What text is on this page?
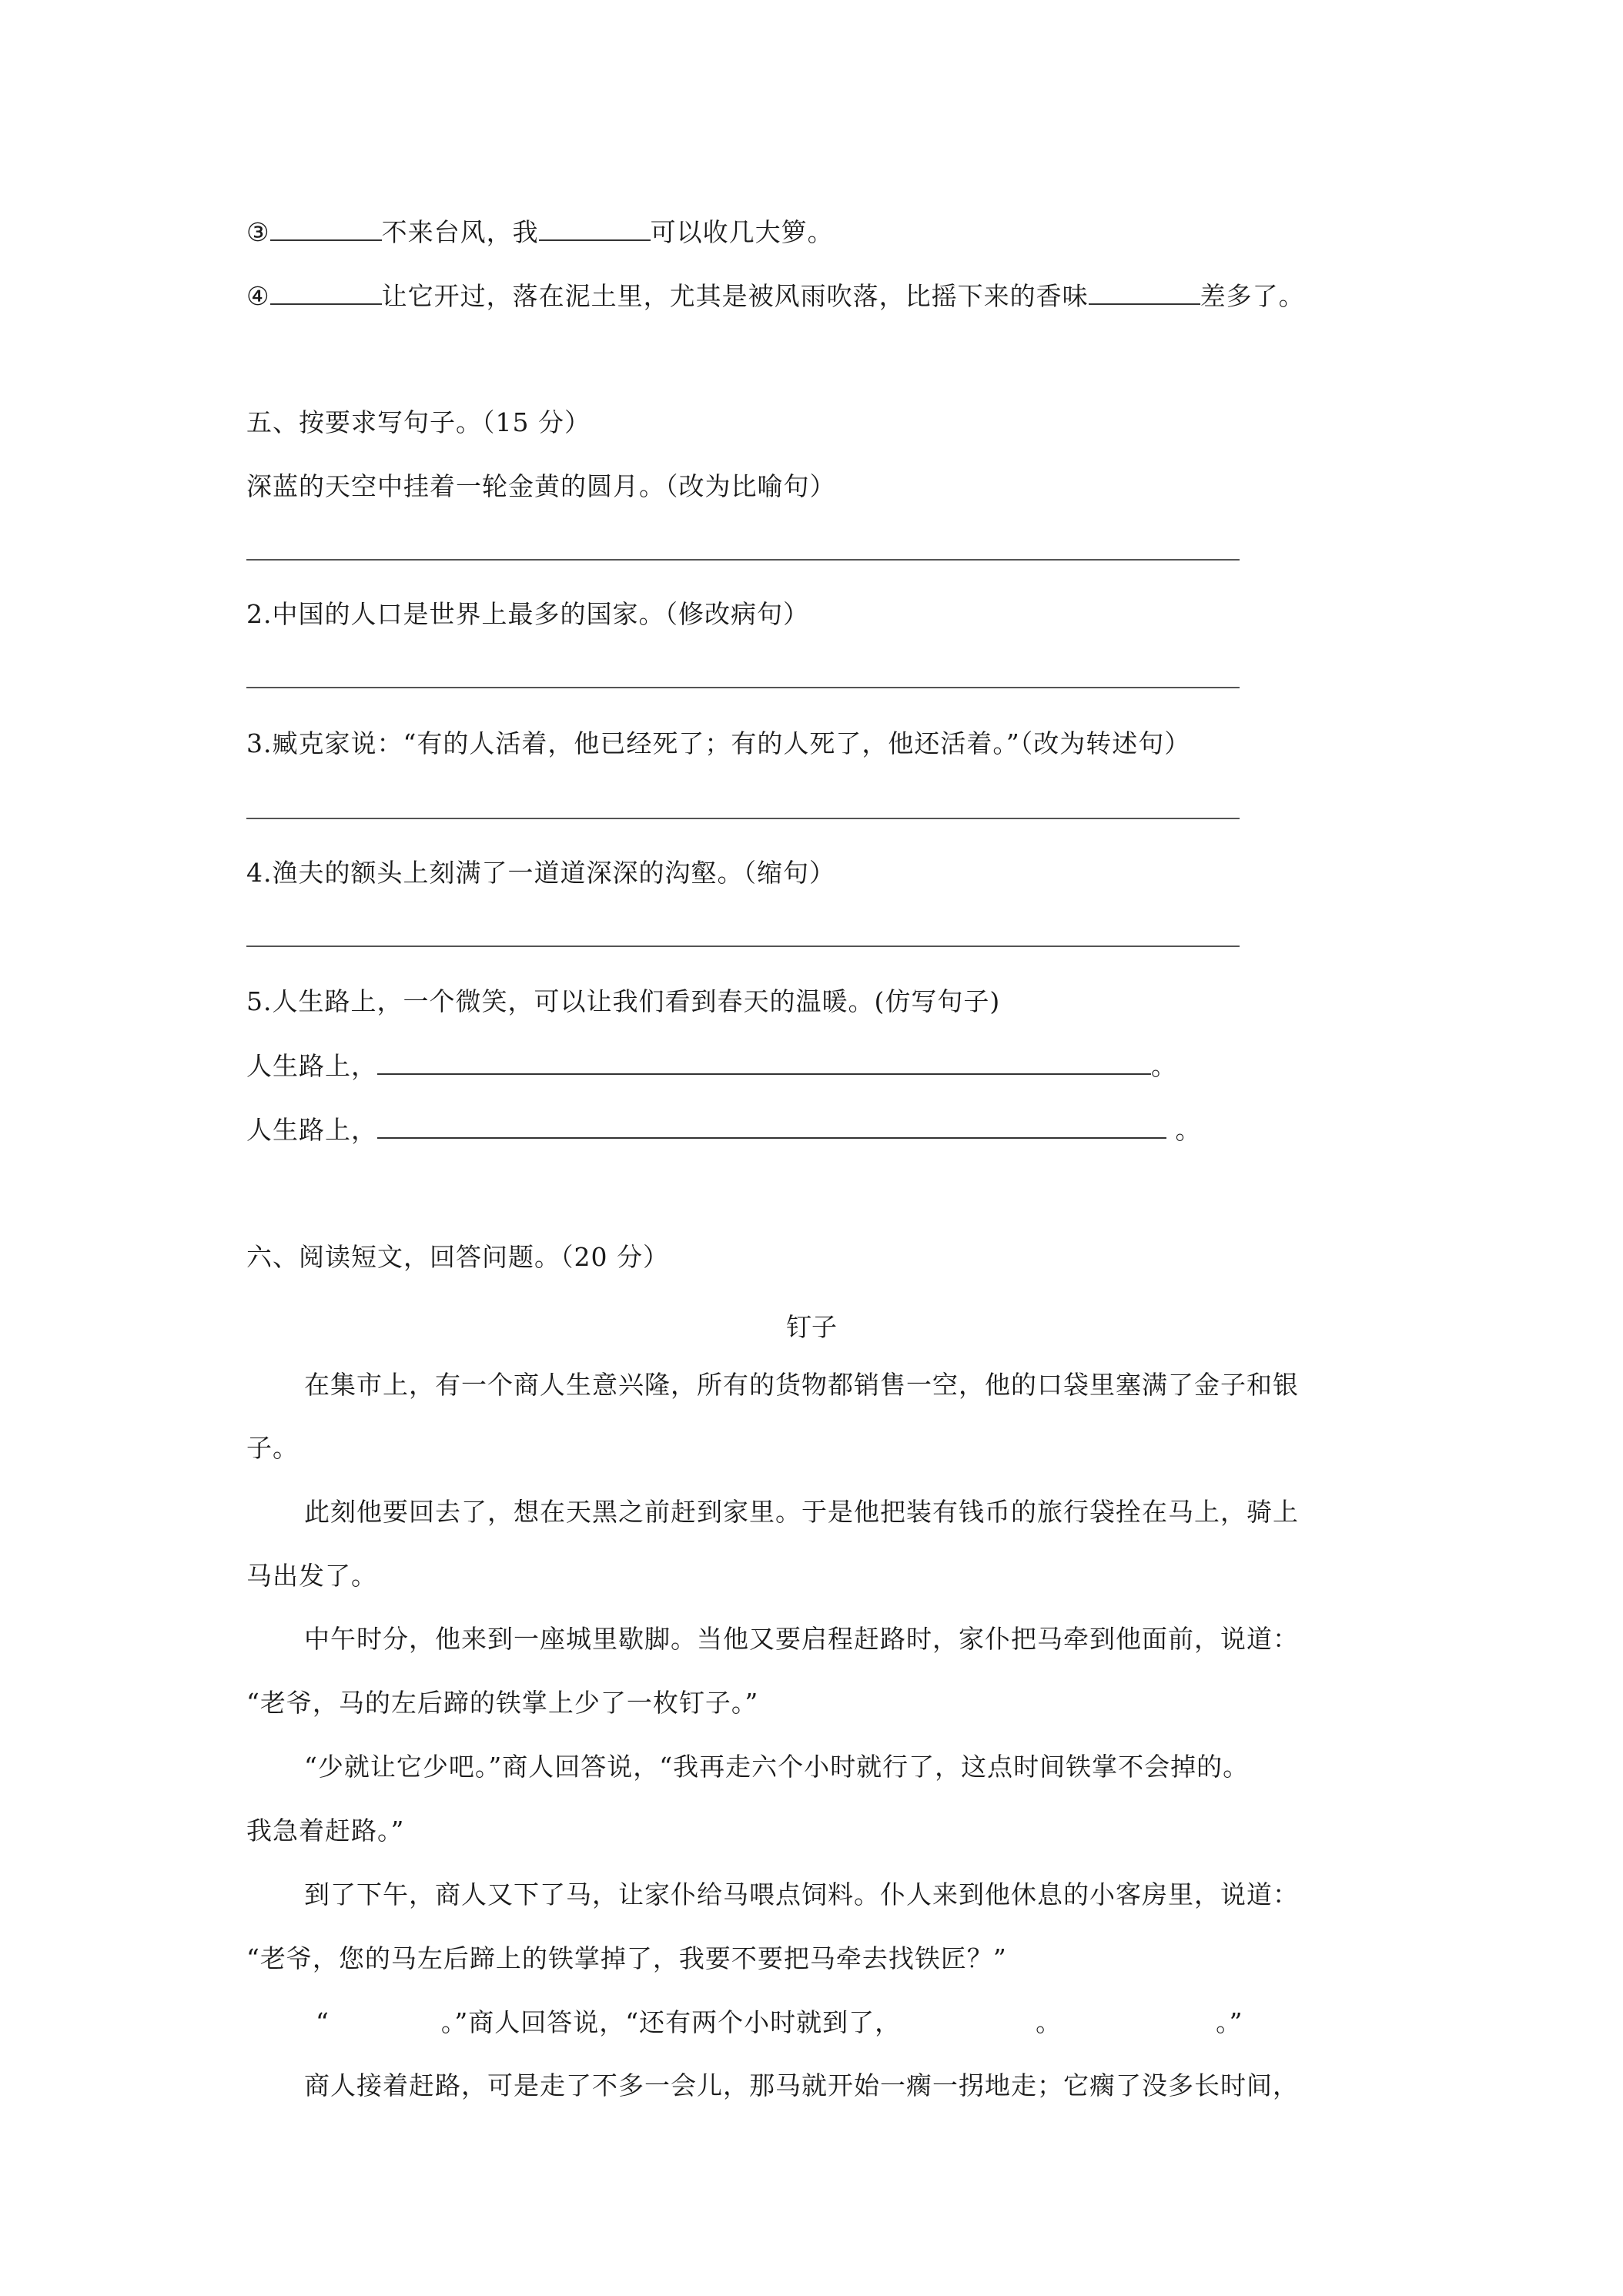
③	不来台风，我	可以收几大箩。
④	让它开过，落在泥土里，尤其是被风雨吹落，比摇下来的香味	差多了。
五、按要求写句子。（15 分）
深蓝的天空中挂着一轮金黄的圆月。（改为比喻句）
2.中国的人口是世界上最多的国家。（修改病句）
3.臧克家说：“有的人活着，他已经死了；有的人死了，他还活着。”（改为转述句）
4.渔夫的额头上刻满了一道道深深的沟壑。（缩句）
5.人生路上，一个微笑，可以让我们看到春天的温暖。(仿写句子)
人生路上，	。
人生路上，	。
六、阅读短文，回答问题。（20 分）
钉子
在集市上，有一个商人生意兴隆，所有的货物都销售一空，他的口袋里塞满了金子和银
子。
此刻他要回去了，想在天黑之前赶到家里。于是他把装有钱币的旅行袋拴在马上，骑上
马出发了。
中午时分，他来到一座城里歇脚。当他又要启程赶路时，家仆把马牵到他面前，说道：
“老爷，马的左后蹄的铁掌上少了一枚钉子。”
“少就让它少吧。”商人回答说，“我再走六个小时就行了，这点时间铁掌不会掉的。
我急着赶路。”
到了下午，商人又下了马，让家仆给马喂点饲料。仆人来到他休息的小客房里，说道：
“老爷，您的马左后蹄上的铁掌掉了，我要不要把马牵去找铁匠？”
“	。”商人回答说，“还有两个小时就到了，	。	。”
商人接着赶路，可是走了不多一会儿，那马就开始一瘸一拐地走；它瘸了没多长时间，
